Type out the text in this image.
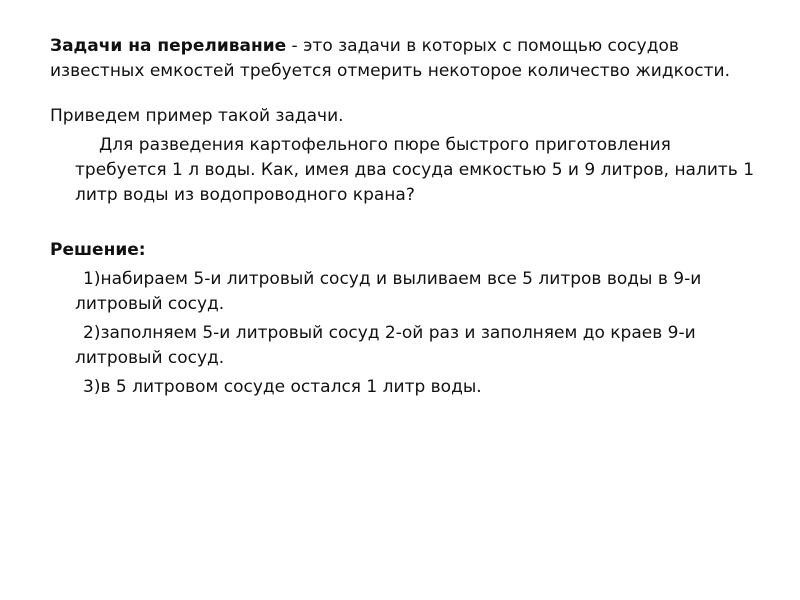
Задачи на переливание - это задачи в которых с помощью сосудов известных емкостей требуется отмерить некоторое количество жидкости.

Приведем пример такой задачи.

Для разведения картофельного пюре быстрого приготовления требуется 1 л воды. Как, имея два сосуда емкостью 5 и 9 литров, налить 1 литр воды из водопроводного крана?

Решение:

1)набираем 5-и литровый сосуд и выливаем все 5 литров воды в 9-и литровый сосуд.

2)заполняем 5-и литровый сосуд 2-ой раз и заполняем до краев 9-и литровый сосуд.

3)в 5 литровом сосуде остался 1 литр воды.
